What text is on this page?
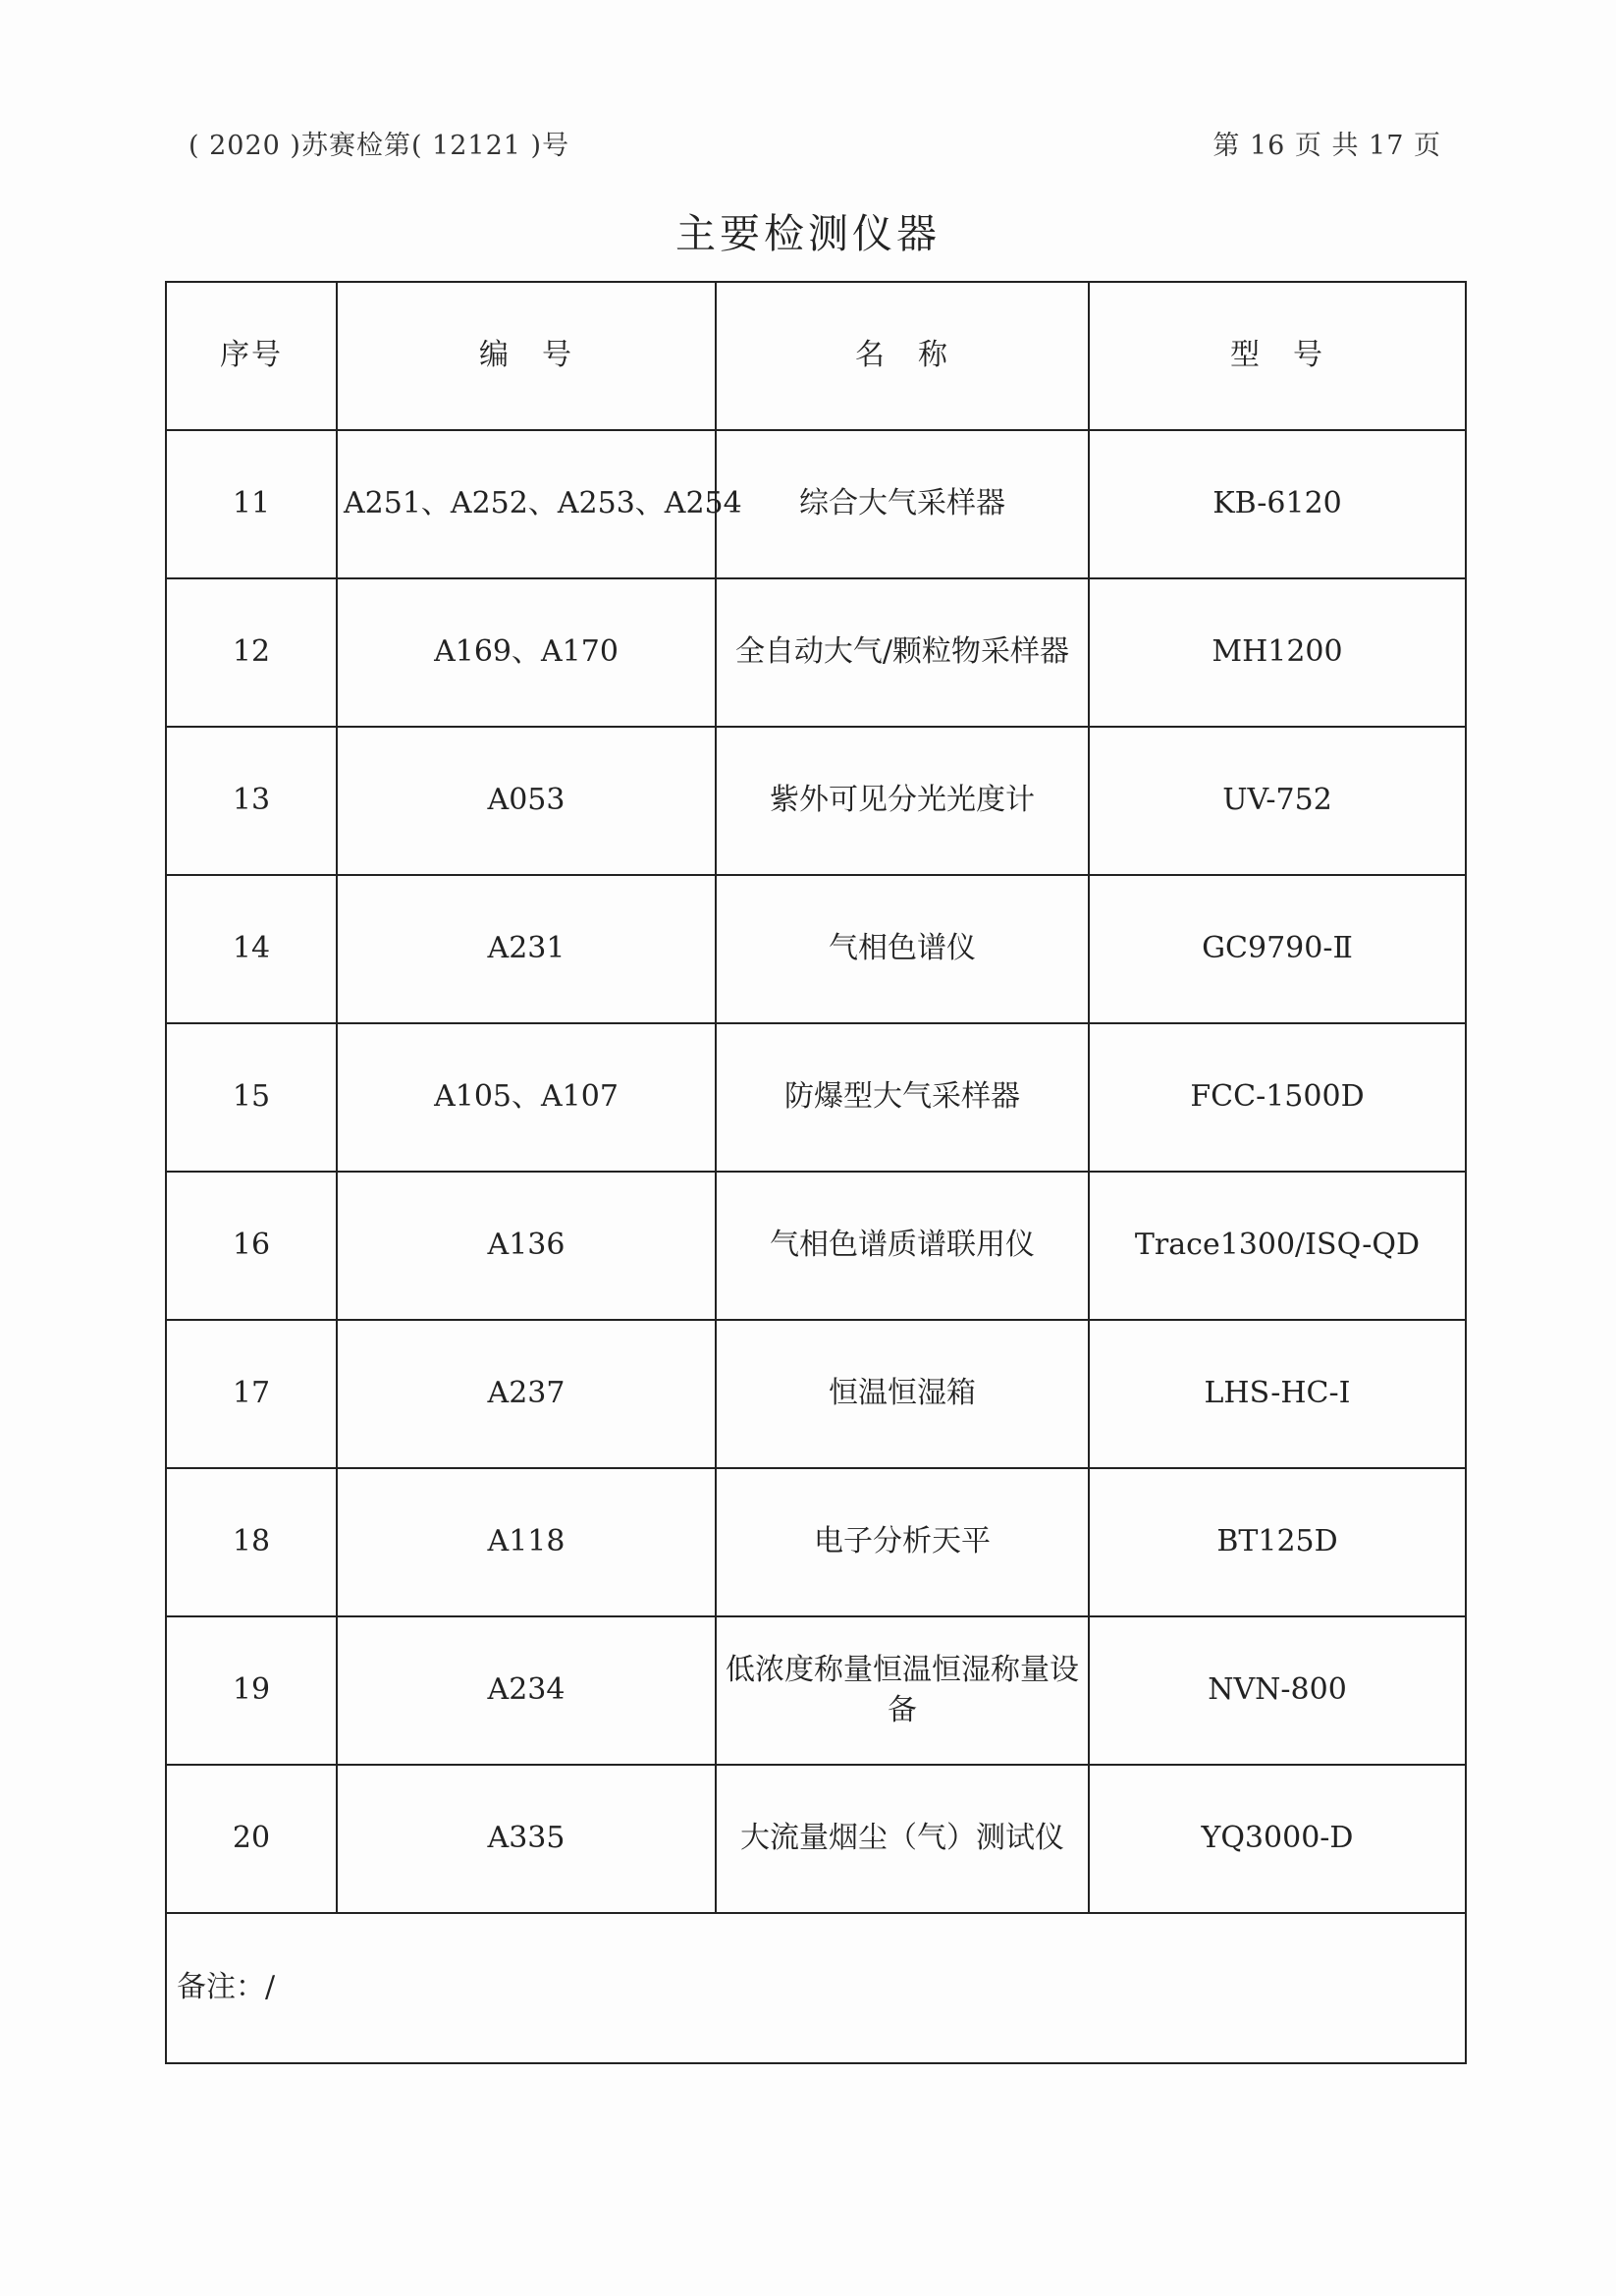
( 2020 )苏赛检第( 12121 )号	第 16 页 共 17 页
主要检测仪器
序号	编　号	名　称	型　号
11	A251、A252、A253、A254	综合大气采样器	KB-6120
12	A169、A170	全自动大气/颗粒物采样器	MH1200
13	A053	紫外可见分光光度计	UV-752
14	A231	气相色谱仪	GC9790-Ⅱ
15	A105、A107	防爆型大气采样器	FCC-1500D
16	A136	气相色谱质谱联用仪	Trace1300/ISQ-QD
17	A237	恒温恒湿箱	LHS-HC-I
18	A118	电子分析天平	BT125D
19	A234	低浓度称量恒温恒湿称量设备	NVN-800
20	A335	大流量烟尘（气）测试仪	YQ3000-D
备注：/			
